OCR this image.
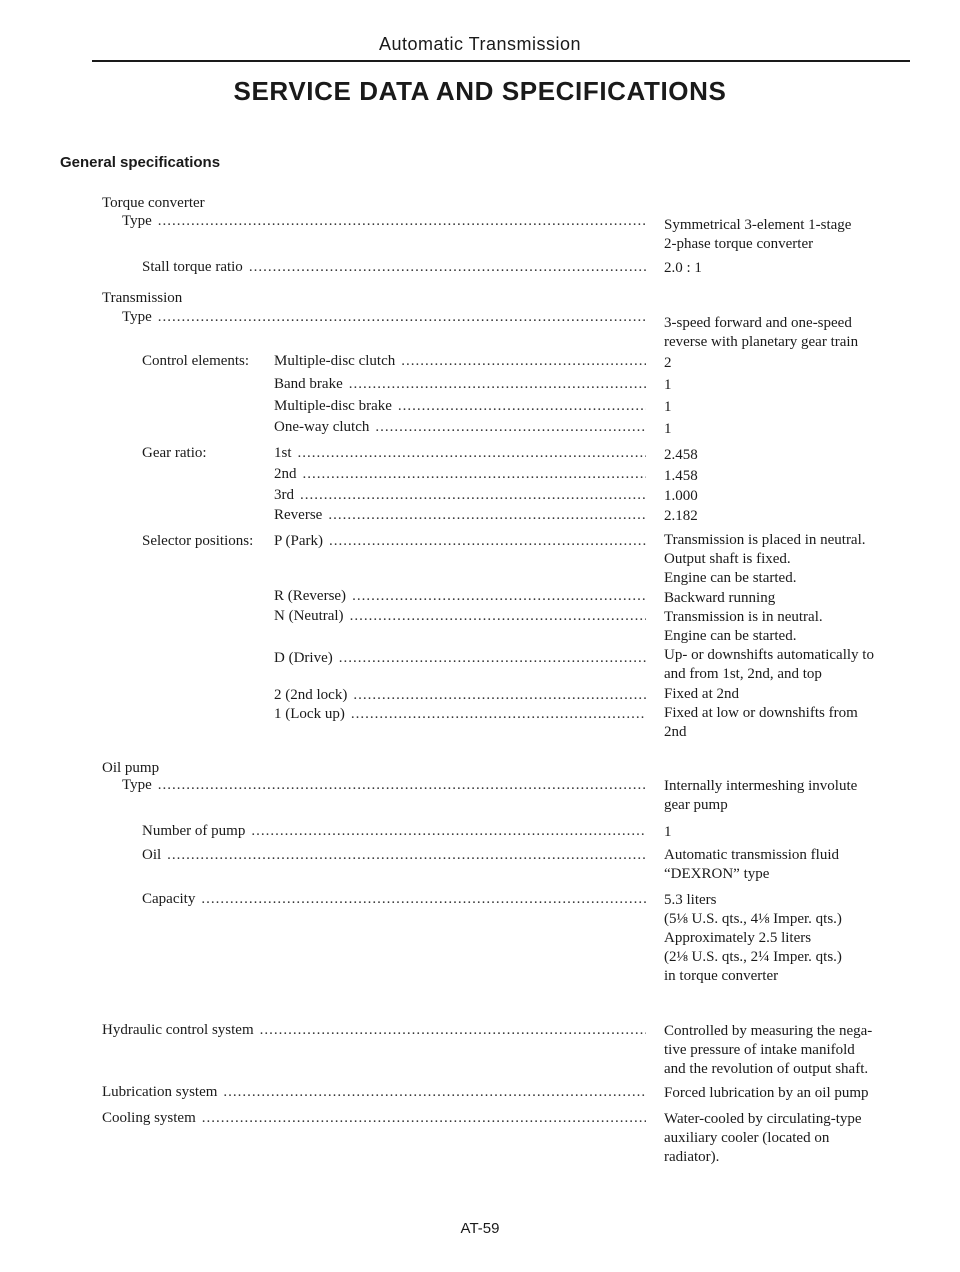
Automatic Transmission
SERVICE DATA AND SPECIFICATIONS
General specifications
Torque converter
Type .....	Symmetrical 3-element 1-stage
2-phase torque converter
Stall torque ratio .....	2.0 : 1
Transmission
Type .....	3-speed forward and one-speed
reverse with planetary gear train
Control elements: Multiple-disc clutch .....	2
Band brake .....	1
Multiple-disc brake .....	1
One-way clutch .....	1
Gear ratio:	1st .....	2.458
2nd .....	1.458
3rd .....	1.000
Reverse .....	2.182
Selector positions: P (Park) .....	Transmission is placed in neutral.
Output shaft is fixed.
Engine can be started.
R (Reverse) .....	Backward running
N (Neutral) .....	Transmission is in neutral.
Engine can be started.
D (Drive) .....	Up- or downshifts automatically to
and from 1st, 2nd, and top
2 (2nd lock) .....	Fixed at 2nd
1 (Lock up) .....	Fixed at low or downshifts from
2nd
Oil pump
Type .....	Internally intermeshing involute
gear pump
Number of pump .....	1
Oil .....	Automatic transmission fluid
“DEXRON” type
Capacity .....	5.3 liters
(5⅛ U.S. qts., 4⅛ Imper. qts.)
Approximately 2.5 liters
(2⅛ U.S. qts., 2¼ Imper. qts.)
in torque converter
Hydraulic control system .....	Controlled by measuring the nega-
tive pressure of intake manifold
and the revolution of output shaft.
Lubrication system .....	Forced lubrication by an oil pump
Cooling system .....	Water-cooled by circulating-type
auxiliary cooler (located on
radiator).
AT-59
